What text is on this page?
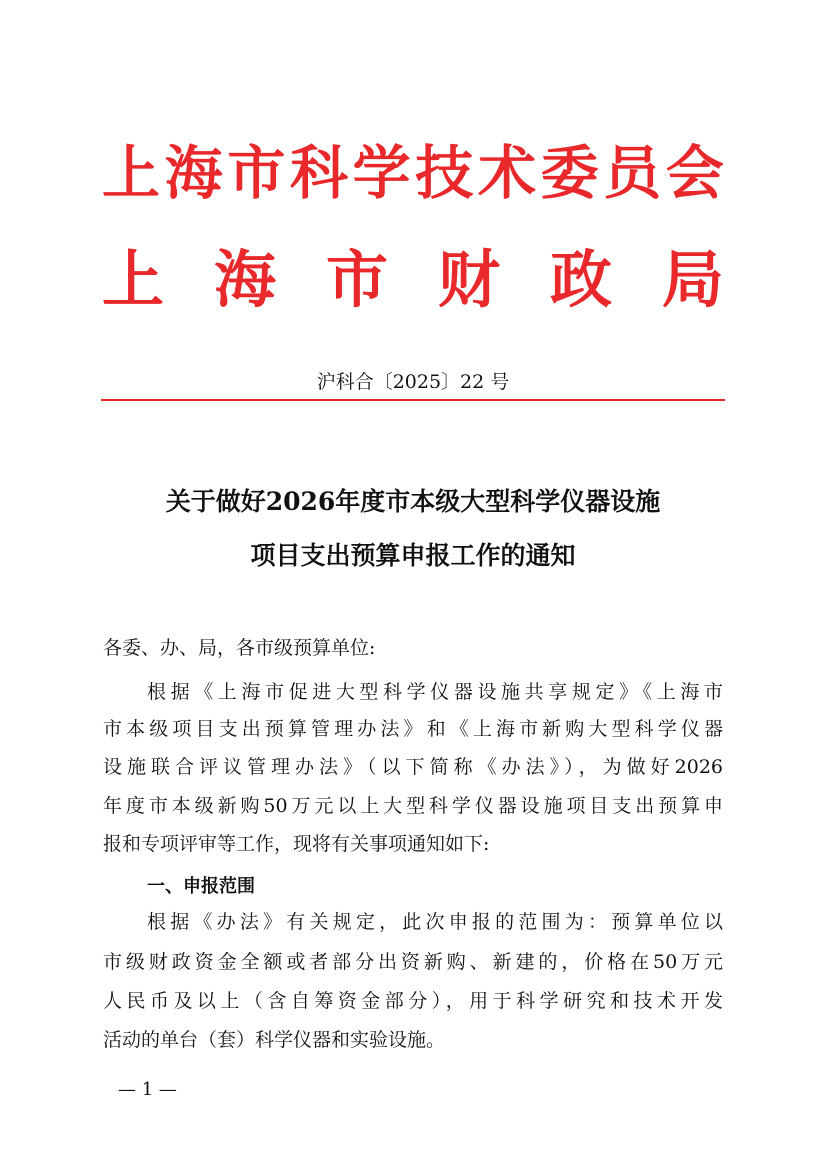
上 海 市 科 学 技 术 委 员 会
上 海 市 财 政 局
沪科合〔2025〕22 号
关于做好2026年度市本级大型科学仪器设施
项目支出预算申报工作的通知

各委、办、局，各市级预算单位:

根据《上海市促进大型科学仪器设施共享规定》《上海市

市本级项目支出预算管理办法》和《上海市新购大型科学仪器

设施联合评议管理办法》（以下简称《办法》），为做好2026

年度市本级新购50万元以上大型科学仪器设施项目支出预算申

报和专项评审等工作，现将有关事项通知如下:

一、申报范围

根据《办法》有关规定，此次申报的范围为：预算单位以

市级财政资金全额或者部分出资新购、新建的，价格在50万元

人民币及以上（含自筹资金部分），用于科学研究和技术开发

活动的单台（套）科学仪器和实验设施。

— 1 —
